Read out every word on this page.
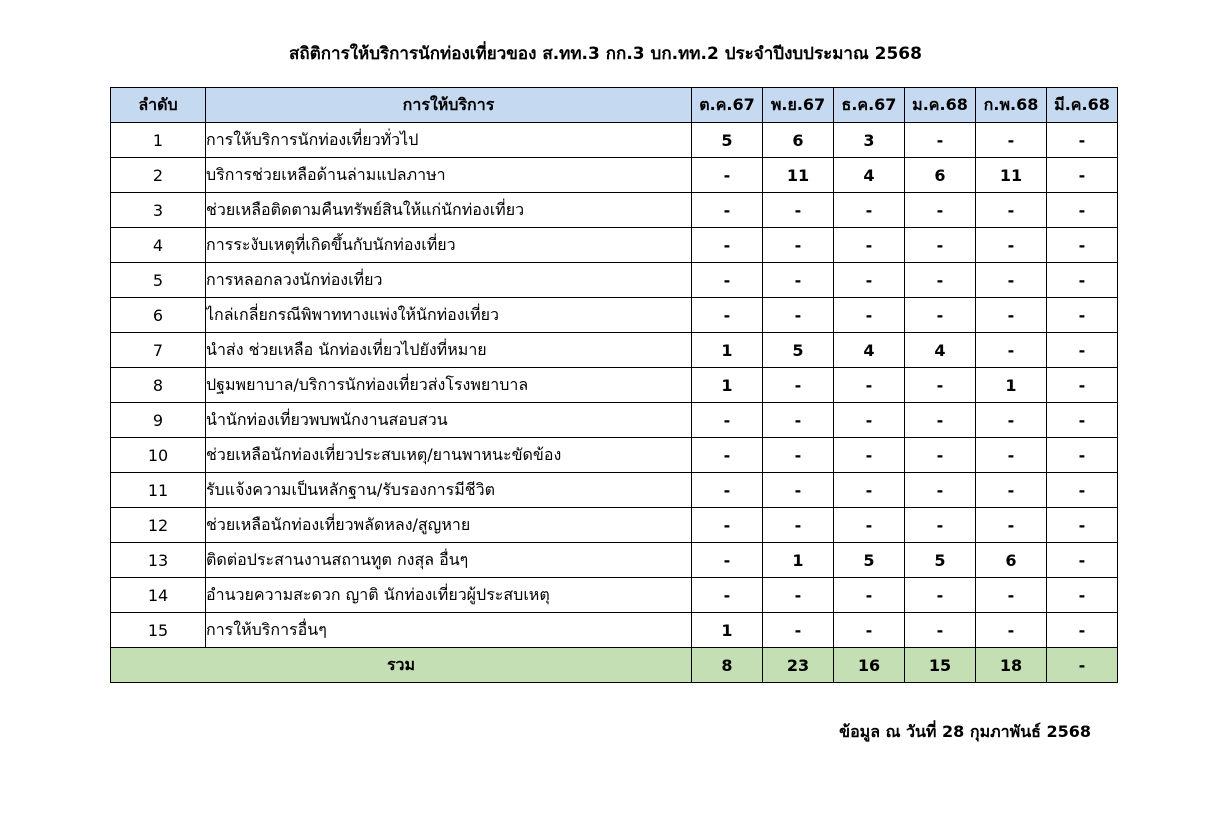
สถิติการให้บริการนักท่องเที่ยวของ ส.ทท.3 กก.3 บก.ทท.2 ประจำปีงบประมาณ 2568
ลำดับ	การให้บริการ	ต.ค.67	พ.ย.67	ธ.ค.67	ม.ค.68	ก.พ.68	มี.ค.68
1	การให้บริการนักท่องเที่ยวทั่วไป	5	6	3	-	-	-
2	บริการช่วยเหลือด้านล่ามแปลภาษา	-	11	4	6	11	-
3	ช่วยเหลือติดตามคืนทรัพย์สินให้แก่นักท่องเที่ยว	-	-	-	-	-	-
4	การระงับเหตุที่เกิดขึ้นกับนักท่องเที่ยว	-	-	-	-	-	-
5	การหลอกลวงนักท่องเที่ยว	-	-	-	-	-	-
6	ไกล่เกลี่ยกรณีพิพาททางแพ่งให้นักท่องเที่ยว	-	-	-	-	-	-
7	นำส่ง ช่วยเหลือ นักท่องเที่ยวไปยังที่หมาย	1	5	4	4	-	-
8	ปฐมพยาบาล/บริการนักท่องเที่ยวส่งโรงพยาบาล	1	-	-	-	1	-
9	นำนักท่องเที่ยวพบพนักงานสอบสวน	-	-	-	-	-	-
10	ช่วยเหลือนักท่องเที่ยวประสบเหตุ/ยานพาหนะขัดข้อง	-	-	-	-	-	-
11	รับแจ้งความเป็นหลักฐาน/รับรองการมีชีวิต	-	-	-	-	-	-
12	ช่วยเหลือนักท่องเที่ยวพลัดหลง/สูญหาย	-	-	-	-	-	-
13	ติดต่อประสานงานสถานทูต กงสุล อื่นๆ	-	1	5	5	6	-
14	อำนวยความสะดวก ญาติ นักท่องเที่ยวผู้ประสบเหตุ	-	-	-	-	-	-
15	การให้บริการอื่นๆ	1	-	-	-	-	-
รวม		8	23	16	15	18	-
ข้อมูล ณ วันที่ 28 กุมภาพันธ์ 2568
